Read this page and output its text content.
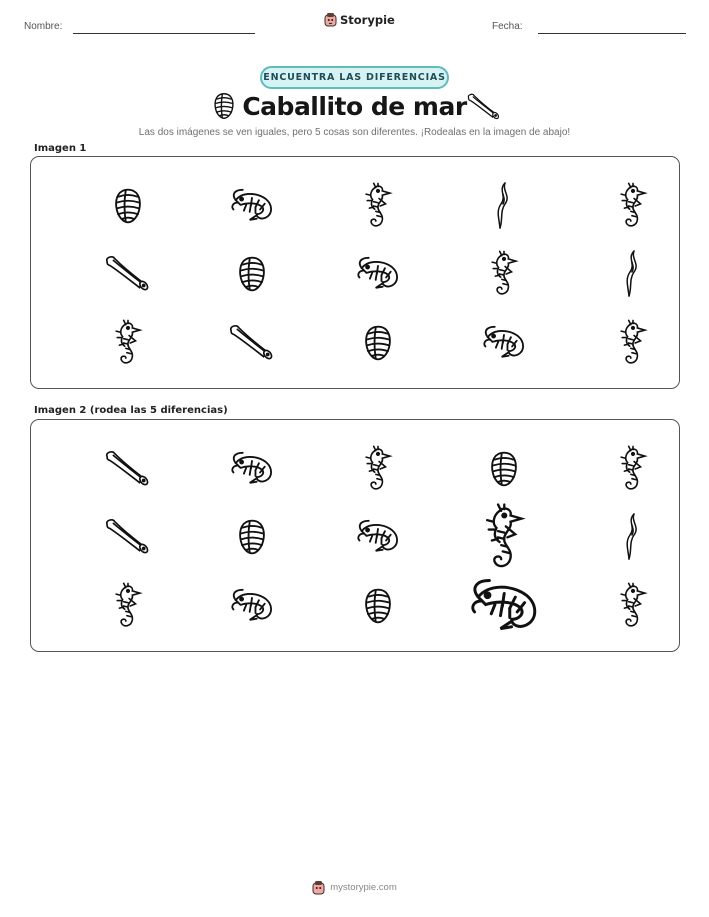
Nombre:	Storypie	Fecha:
ENCUENTRA LAS DIFERENCIAS
Caballito de mar
Las dos imágenes se ven iguales, pero 5 cosas son diferentes. ¡Rodealas en la imagen de abajo!
Imagen 1
Imagen 2 (rodea las 5 diferencias)
mystorypie.com
